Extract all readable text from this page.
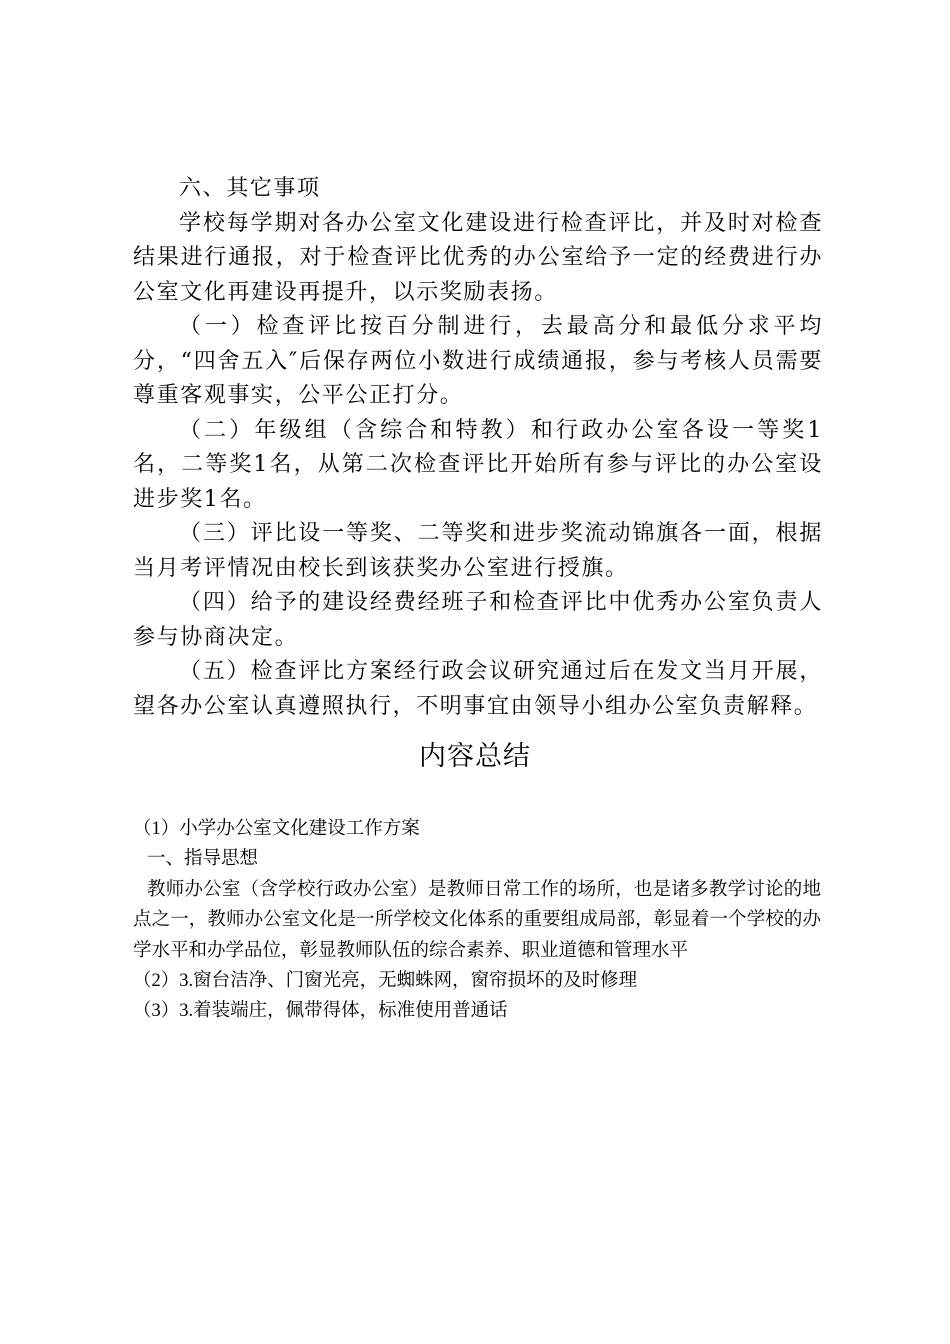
六、其它事项

学校每学期对各办公室文化建设进行检查评比，并及时对检查结果进行通报，对于检查评比优秀的办公室给予一定的经费进行办公室文化再建设再提升，以示奖励表扬。

（一）检查评比按百分制进行，去最高分和最低分求平均分，“四舍五入″后保存两位小数进行成绩通报，参与考核人员需要尊重客观事实，公平公正打分。

（二）年级组（含综合和特教）和行政办公室各设一等奖1名，二等奖1名，从第二次检查评比开始所有参与评比的办公室设进步奖1名。

（三）评比设一等奖、二等奖和进步奖流动锦旗各一面，根据当月考评情况由校长到该获奖办公室进行授旗。

（四）给予的建设经费经班子和检查评比中优秀办公室负责人参与协商决定。

（五）检查评比方案经行政会议研究通过后在发文当月开展，望各办公室认真遵照执行，不明事宜由领导小组办公室负责解释。

内容总结

（1）小学办公室文化建设工作方案

一、指导思想

教师办公室（含学校行政办公室）是教师日常工作的场所，也是诸多教学讨论的地点之一，教师办公室文化是一所学校文化体系的重要组成局部，彰显着一个学校的办学水平和办学品位，彰显教师队伍的综合素养、职业道德和管理水平

（2）3.窗台洁净、门窗光亮，无蜘蛛网，窗帘损坏的及时修理

（3）3.着装端庄，佩带得体，标准使用普通话
